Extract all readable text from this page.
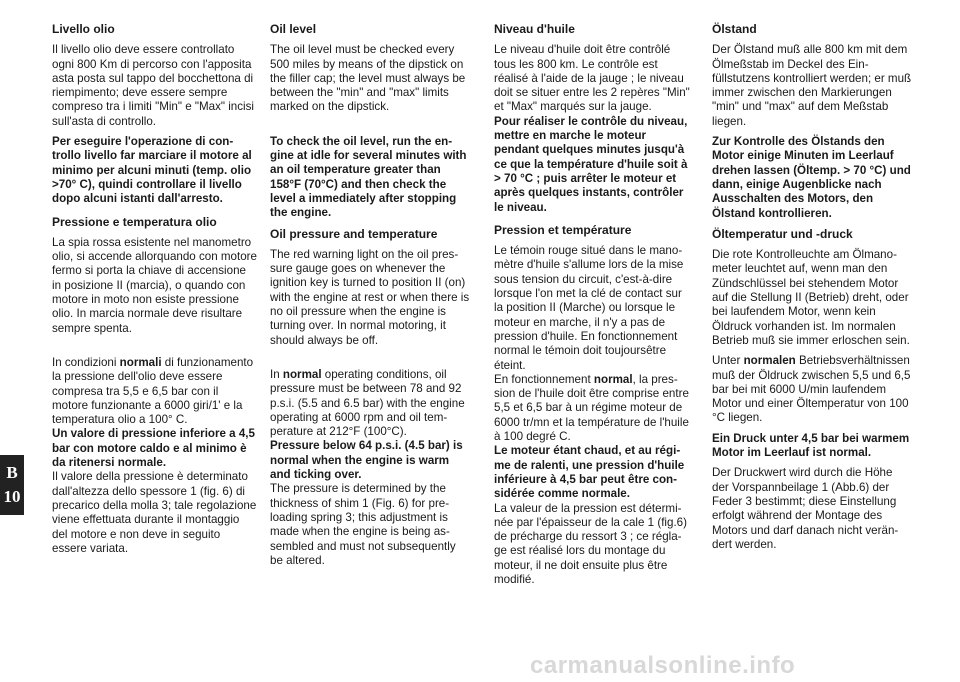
Livello olio

Il livello olio deve essere controllato ogni 800 Km di percorso con l'apposita asta posta sul tappo del bocchettona di riempimento; deve essere sempre compreso tra i limiti "Min" e "Max" incisi sull'asta di controllo.

Per eseguire l'operazione di controllo livello far marciare il motore al minimo per alcuni minuti (temp. olio >70° C), quindi controllare il livello dopo alcuni istanti dall'arresto.

Pressione e temperatura olio

La spia rossa esistente nel manometro olio, si accende allorquando con motore fermo si porta la chiave di accensione in posizione II (marcia), o quando con motore in moto non esiste pressione olio. In marcia normale deve risultare sempre spenta.

In condizioni normali di funzionamento la pressione dell'olio deve essere compresa tra 5,5 e 6,5 bar con il motore funzionante a 6000 giri/1' e la temperatura olio a 100° C.

Un valore di pressione inferiore a 4,5 bar con motore caldo e al minimo è da ritenersi normale.

Il valore della pressione è determinato dall'altezza dello spessore 1 (fig. 6) di precarico della molla 3; tale regolazione viene effettuata durante il montaggio del motore e non deve in seguito essere variata.

Oil level

The oil level must be checked every 500 miles by means of the dipstick on the filler cap; the level must always be between the "min" and "max" limits marked on the dipstick.

To check the oil level, run the engine at idle for several minutes with an oil temperature greater than 158°F (70°C) and then check the level a immediately after stopping the engine.

Oil pressure and temperature

The red warning light on the oil pressure gauge goes on whenever the ignition key is turned to position II (on) with the engine at rest or when there is no oil pressure when the engine is turning over. In normal motoring, it should always be off.

In normal operating conditions, oil pressure must be between 78 and 92 p.s.i. (5.5 and 6.5 bar) with the engine operating at 6000 rpm and oil temperature at 212°F (100°C).

Pressure below 64 p.s.i. (4.5 bar) is normal when the engine is warm and ticking over.

The pressure is determined by the thickness of shim 1 (Fig. 6) for preloading spring 3; this adjustment is made when the engine is being assembled and must not subsequently be altered.

Niveau d'huile

Le niveau d'huile doit être contrôlé tous les 800 km. Le contrôle est réalisé à l'aide de la jauge ; le niveau doit se situer entre les 2 repères "Min" et "Max" marqués sur la jauge.

Pour réaliser le contrôle du niveau, mettre en marche le moteur pendant quelques minutes jusqu'à ce que la température d'huile soit à > 70 °C ; puis arrêter le moteur et après quelques instants, contrôler le niveau.

Pression et température

Le témoin rouge situé dans le manomètre d'huile s'allume lors de la mise sous tension du circuit, c'est-à-dire lorsque l'on met la clé de contact sur la position II (Marche) ou lorsque le moteur en marche, il n'y a pas de pression d'huile. En fonctionnement normal le témoin doit toujoursêtre éteint.

En fonctionnement normal, la pression de l'huile doit être comprise entre 5,5 et 6,5 bar à un régime moteur de 6000 tr/mn et la température de l'huile à 100 degré C.

Le moteur étant chaud, et au régime de ralenti, une pression d'huile inférieure à 4,5 bar peut être considérée comme normale.

La valeur de la pression est déterminée par l'épaisseur de la cale 1 (fig.6) de précharge du ressort 3 ; ce réglage est réalisé lors du montage du moteur, il ne doit ensuite plus être modifié.

Ölstand

Der Ölstand muß alle 800 km mit dem Ölmeßstab im Deckel des Einfüllstutzens kontrolliert werden; er muß immer zwischen den Markierungen "min" und "max" auf dem Meßstab liegen.

Zur Kontrolle des Ölstands den Motor einige Minuten im Leerlauf drehen lassen (Öltemp. > 70 °C) und dann, einige Augenblicke nach Ausschalten des Motors, den Ölstand kontrollieren.

Öltemperatur und -druck

Die rote Kontrolleuchte am Ölmanometer leuchtet auf, wenn man den Zündschlüssel bei stehendem Motor auf die Stellung II (Betrieb) dreht, oder bei laufendem Motor, wenn kein Öldruck vorhanden ist. Im normalen Betrieb muß sie immer erloschen sein.

Unter normalen Betriebsverhältnissen muß der Öldruck zwischen 5,5 und 6,5 bar bei mit 6000 U/min laufendem Motor und einer Öltemperatur von 100 °C liegen.

Ein Druck unter 4,5 bar bei warmem Motor im Leerlauf ist normal.

Der Druckwert wird durch die Höhe der Vorspannbeilage 1 (Abb.6) der Feder 3 bestimmt; diese Einstellung erfolgt während der Montage des Motors und darf danach nicht verändert werden.

B
10
carmanualsonline.info
